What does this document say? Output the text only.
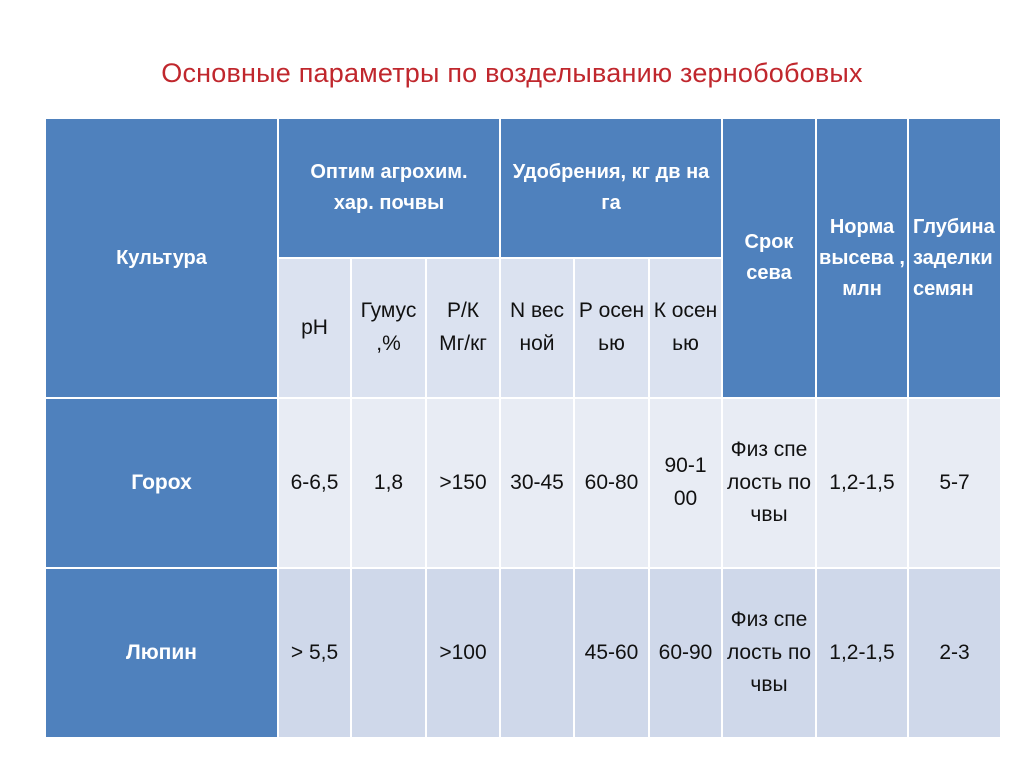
Основные параметры по возделыванию зернобобовых
Культура	Оптим агрохим. хар. почвы			Удобрения, кг дв на га			Срок сева	Норма высева , млн	Глубина заделки семян

	pH	Гумус ,%	Р/К Мг/кг	N весной	Р осенью	К осенью			

Горох	6-6,5	1,8	>150	30-45	60-80	90-100	Физ спелость почвы	1,2-1,5	5-7
Люпин	> 5,5		>100		45-60	60-90	Физ спелость почвы	1,2-1,5	2-3
